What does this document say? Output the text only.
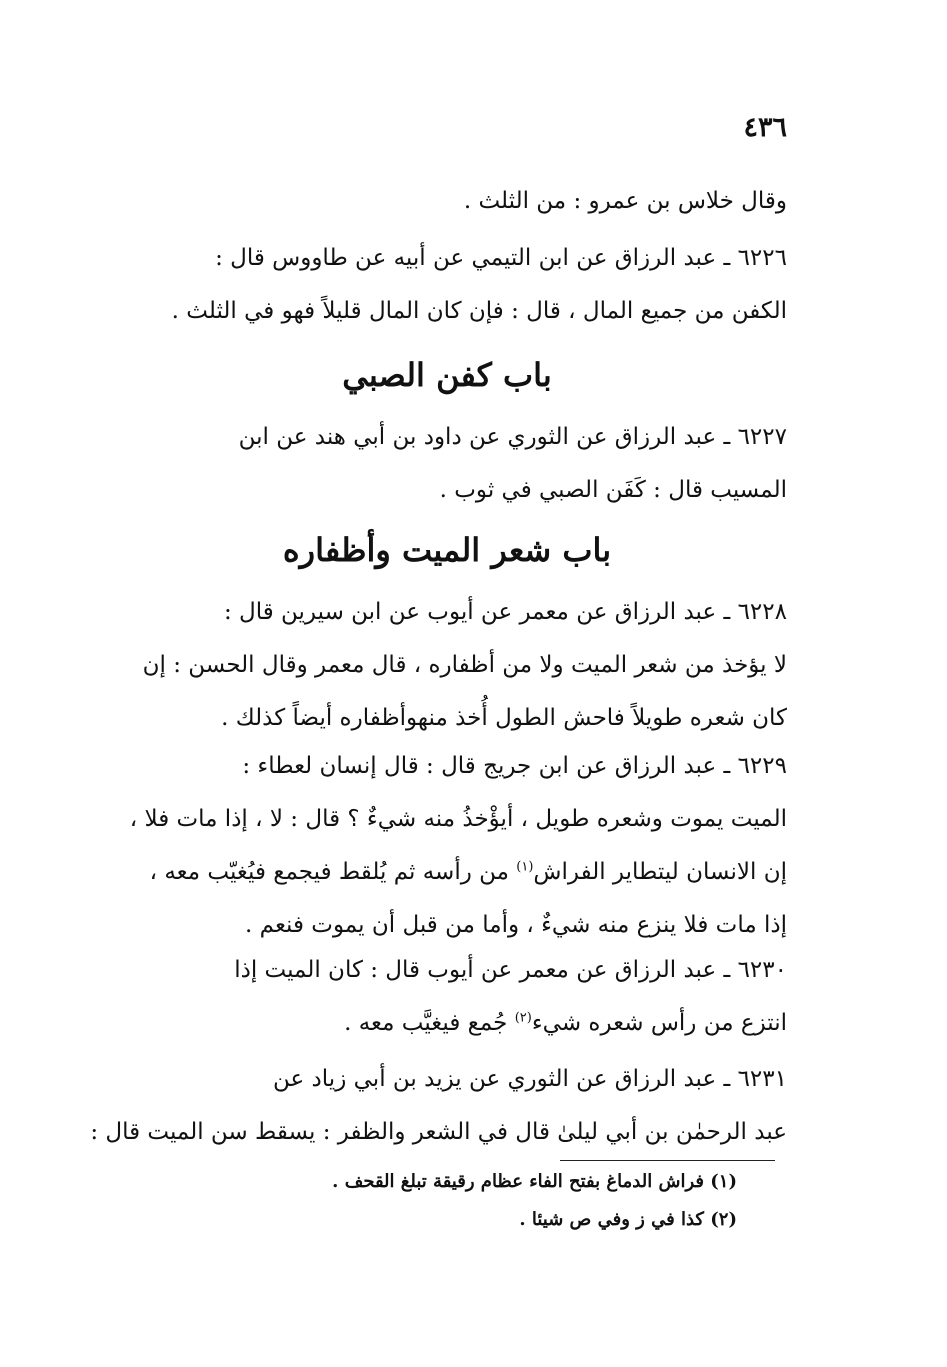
٤٣٦

وقال خلاس بن عمرو : من الثلث .

٦٢٢٦ ـ عبد الرزاق عن ابن التيمي عن أبيه عن طاووس قال :
الكفن من جميع المال ، قال : فإن كان المال قليلاً فهو في الثلث .

باب كفن الصبي

٦٢٢٧ ـ عبد الرزاق عن الثوري عن داود بن أبي هند عن ابن
المسيب قال : كَفَن الصبي في ثوب .

باب شعر الميت وأظفاره

٦٢٢٨ ـ عبد الرزاق عن معمر عن أيوب عن ابن سيرين قال :
لا يؤخذ من شعر الميت ولا من أظفاره ، قال معمر وقال الحسن : إن
كان شعره طويلاً فاحش الطول أُخذ منهوأظفاره أيضاً كذلك .

٦٢٢٩ ـ عبد الرزاق عن ابن جريج قال : قال إنسان لعطاء :
الميت يموت وشعره طويل ، أيؤْخذُ منه شيءٌ ؟ قال : لا ، إذا مات فلا ،
إن الانسان ليتطاير الفراش$^{(١)}$ من رأسه ثم يُلقط فيجمع فيُغيّب معه ،
إذا مات فلا ينزع منه شيءٌ ، وأما من قبل أن يموت فنعم .

٦٢٣٠ ـ عبد الرزاق عن معمر عن أيوب قال : كان الميت إذا
انتزع من رأس شعره شيء$^{(٢)}$ جُمع فيغيَّب معه .

٦٢٣١ ـ عبد الرزاق عن الثوري عن يزيد بن أبي زياد عن
عبد الرحمٰن بن أبي ليلىٰ قال في الشعر والظفر : يسقط سن الميت قال :

(١) فراش الدماغ بفتح الفاء عظام رقيقة تبلغ القحف .

(٢) كذا في ز وفي ص شيئا .
